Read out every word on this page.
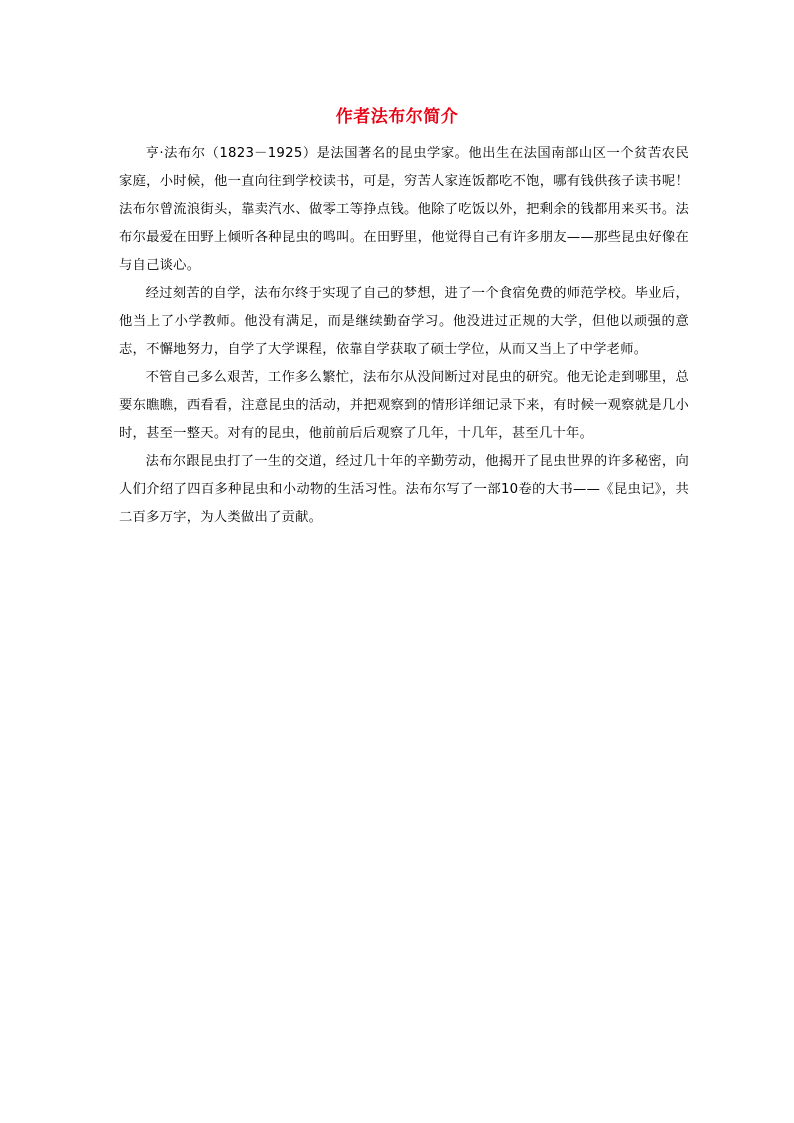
作者法布尔简介

亨·法布尔（1823－1925）是法国著名的昆虫学家。他出生在法国南部山区一个贫苦农民家庭，小时候，他一直向往到学校读书，可是，穷苦人家连饭都吃不饱，哪有钱供孩子读书呢！法布尔曾流浪街头，靠卖汽水、做零工等挣点钱。他除了吃饭以外，把剩余的钱都用来买书。法布尔最爱在田野上倾听各种昆虫的鸣叫。在田野里，他觉得自己有许多朋友——那些昆虫好像在与自己谈心。

经过刻苦的自学，法布尔终于实现了自己的梦想，进了一个食宿免费的师范学校。毕业后，他当上了小学教师。他没有满足，而是继续勤奋学习。他没进过正规的大学，但他以顽强的意志，不懈地努力，自学了大学课程，依靠自学获取了硕士学位，从而又当上了中学老师。

不管自己多么艰苦，工作多么繁忙，法布尔从没间断过对昆虫的研究。他无论走到哪里，总要东瞧瞧，西看看，注意昆虫的活动，并把观察到的情形详细记录下来，有时候一观察就是几小时，甚至一整天。对有的昆虫，他前前后后观察了几年，十几年，甚至几十年。

法布尔跟昆虫打了一生的交道，经过几十年的辛勤劳动，他揭开了昆虫世界的许多秘密，向人们介绍了四百多种昆虫和小动物的生活习性。法布尔写了一部10卷的大书——《昆虫记》，共二百多万字，为人类做出了贡献。
